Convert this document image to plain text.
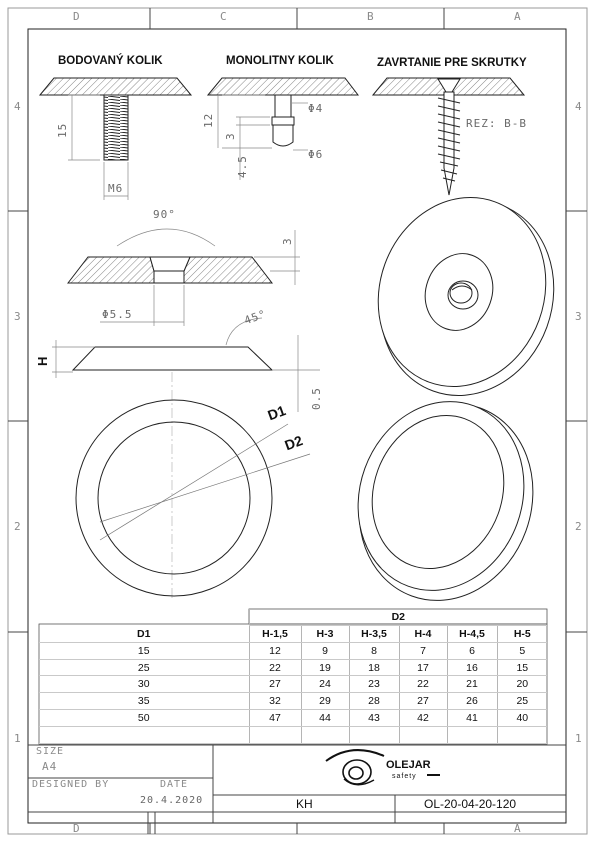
D	C	B	A
D	A
4
3
2
1
4
3
2
1
BODOVANÝ KOLIK
15
M6
MONOLITNY KOLIK
12
3
4.5
Φ4
Φ6
ZAVRTANIE PRE SKRUTKY
REZ: B-B
90°
3
Φ5.5
H
45°
0.5
D1
D2
OLEJAR
safety
	D2					
D1	H-1,5	H-3	H-3,5	H-4	H-4,5	H-5
15	12	9	8	7	6	5
25	22	19	18	17	16	15
30	27	24	23	22	21	20
35	32	29	28	27	26	25
50	47	44	43	42	41	40

SIZE
A4
DESIGNED BY	DATE
20.4.2020	KH	OL-20-04-20-120
